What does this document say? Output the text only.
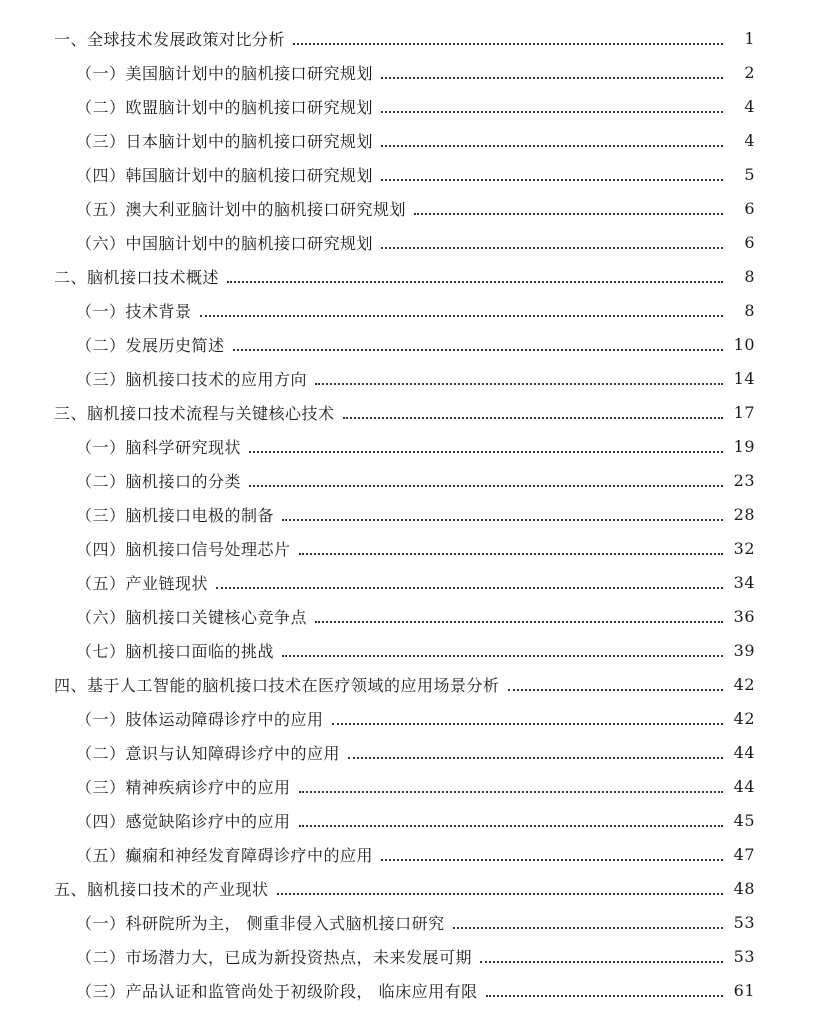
一、全球技术发展政策对比分析	1
（一）美国脑计划中的脑机接口研究规划	2
（二）欧盟脑计划中的脑机接口研究规划	4
（三）日本脑计划中的脑机接口研究规划	4
（四）韩国脑计划中的脑机接口研究规划	5
（五）澳大利亚脑计划中的脑机接口研究规划	6
（六）中国脑计划中的脑机接口研究规划	6
二、脑机接口技术概述	8
（一）技术背景	8
（二）发展历史简述	10
（三）脑机接口技术的应用方向	14
三、脑机接口技术流程与关键核心技术	17
（一）脑科学研究现状	19
（二）脑机接口的分类	23
（三）脑机接口电极的制备	28
（四）脑机接口信号处理芯片	32
（五）产业链现状	34
（六）脑机接口关键核心竞争点	36
（七）脑机接口面临的挑战	39
四、基于人工智能的脑机接口技术在医疗领域的应用场景分析	42
（一）肢体运动障碍诊疗中的应用	42
（二）意识与认知障碍诊疗中的应用	44
（三）精神疾病诊疗中的应用	44
（四）感觉缺陷诊疗中的应用	45
（五）癫痫和神经发育障碍诊疗中的应用	47
五、脑机接口技术的产业现状	48
（一）科研院所为主， 侧重非侵入式脑机接口研究	53
（二）市场潜力大，已成为新投资热点，未来发展可期	53
（三）产品认证和监管尚处于初级阶段， 临床应用有限	61
